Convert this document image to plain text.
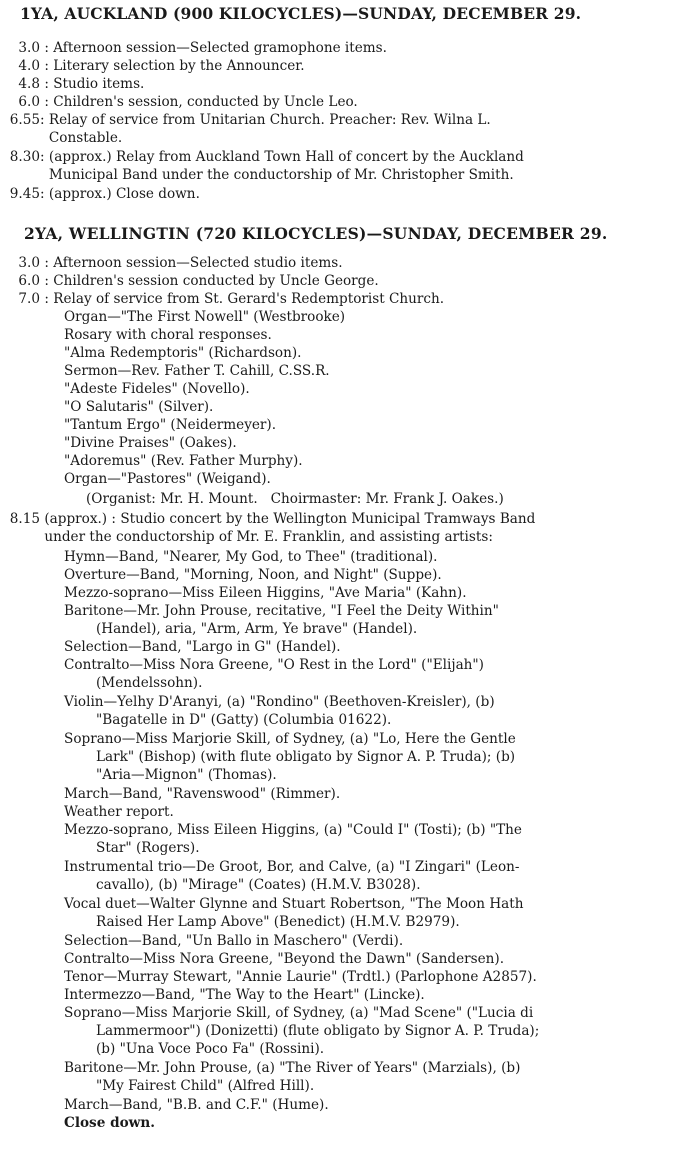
1YA, AUCKLAND (900 KILOCYCLES)—SUNDAY, DECEMBER 29.
3.0 : Afternoon session—Selected gramophone items.
4.0 : Literary selection by the Announcer.
4.8 : Studio items.
6.0 : Children's session, conducted by Uncle Leo.
6.55 : Relay of service from Unitarian Church. Preacher: Rev. Wilna L.
Constable.
8.30 : (approx.) Relay from Auckland Town Hall of concert by the Auckland
Municipal Band under the conductorship of Mr. Christopher Smith.
9.45 : (approx.) Close down.
2YA, WELLINGTIN (720 KILOCYCLES)—SUNDAY, DECEMBER 29.
3.0 : Afternoon session—Selected studio items.
6.0 : Children's session conducted by Uncle George.
7.0 : Relay of service from St. Gerard's Redemptorist Church.
Organ—"The First Nowell" (Westbrooke)
Rosary with choral responses.
"Alma Redemptoris" (Richardson).
Sermon—Rev. Father T. Cahill, C.SS.R.
"Adeste Fideles" (Novello).
"O Salutaris" (Silver).
"Tantum Ergo" (Neidermeyer).
"Divine Praises" (Oakes).
"Adoremus" (Rev. Father Murphy).
Organ—"Pastores" (Weigand).
(Organist: Mr. H. Mount.   Choirmaster: Mr. Frank J. Oakes.)
8.15
(approx.) : Studio concert by the Wellington Municipal Tramways Band
under the conductorship of Mr. E. Franklin, and assisting artists:
Hymn—Band, "Nearer, My God, to Thee" (traditional).
Overture—Band, "Morning, Noon, and Night" (Suppe).
Mezzo-soprano—Miss Eileen Higgins, "Ave Maria" (Kahn).
Baritone—Mr. John Prouse, recitative, "I Feel the Deity Within"
(Handel), aria, "Arm, Arm, Ye brave" (Handel).
Selection—Band, "Largo in G" (Handel).
Contralto—Miss Nora Greene, "O Rest in the Lord" ("Elijah")
(Mendelssohn).
Violin—Yelhy D'Aranyi, (a) "Rondino" (Beethoven-Kreisler), (b)
"Bagatelle in D" (Gatty) (Columbia 01622).
Soprano—Miss Marjorie Skill, of Sydney, (a) "Lo, Here the Gentle
Lark" (Bishop) (with flute obligato by Signor A. P. Truda); (b)
"Aria—Mignon" (Thomas).
March—Band, "Ravenswood" (Rimmer).
Weather report.
Mezzo-soprano, Miss Eileen Higgins, (a) "Could I" (Tosti); (b) "The
Star" (Rogers).
Instrumental trio—De Groot, Bor, and Calve, (a) "I Zingari" (Leon-
cavallo), (b) "Mirage" (Coates) (H.M.V. B3028).
Vocal duet—Walter Glynne and Stuart Robertson, "The Moon Hath
Raised Her Lamp Above" (Benedict) (H.M.V. B2979).
Selection—Band, "Un Ballo in Maschero" (Verdi).
Contralto—Miss Nora Greene, "Beyond the Dawn" (Sandersen).
Tenor—Murray Stewart, "Annie Laurie" (Trdtl.) (Parlophone A2857).
Intermezzo—Band, "The Way to the Heart" (Lincke).
Soprano—Miss Marjorie Skill, of Sydney, (a) "Mad Scene" ("Lucia di
Lammermoor") (Donizetti) (flute obligato by Signor A. P. Truda);
(b) "Una Voce Poco Fa" (Rossini).
Baritone—Mr. John Prouse, (a) "The River of Years" (Marzials), (b)
"My Fairest Child" (Alfred Hill).
March—Band, "B.B. and C.F." (Hume).
Close down.
